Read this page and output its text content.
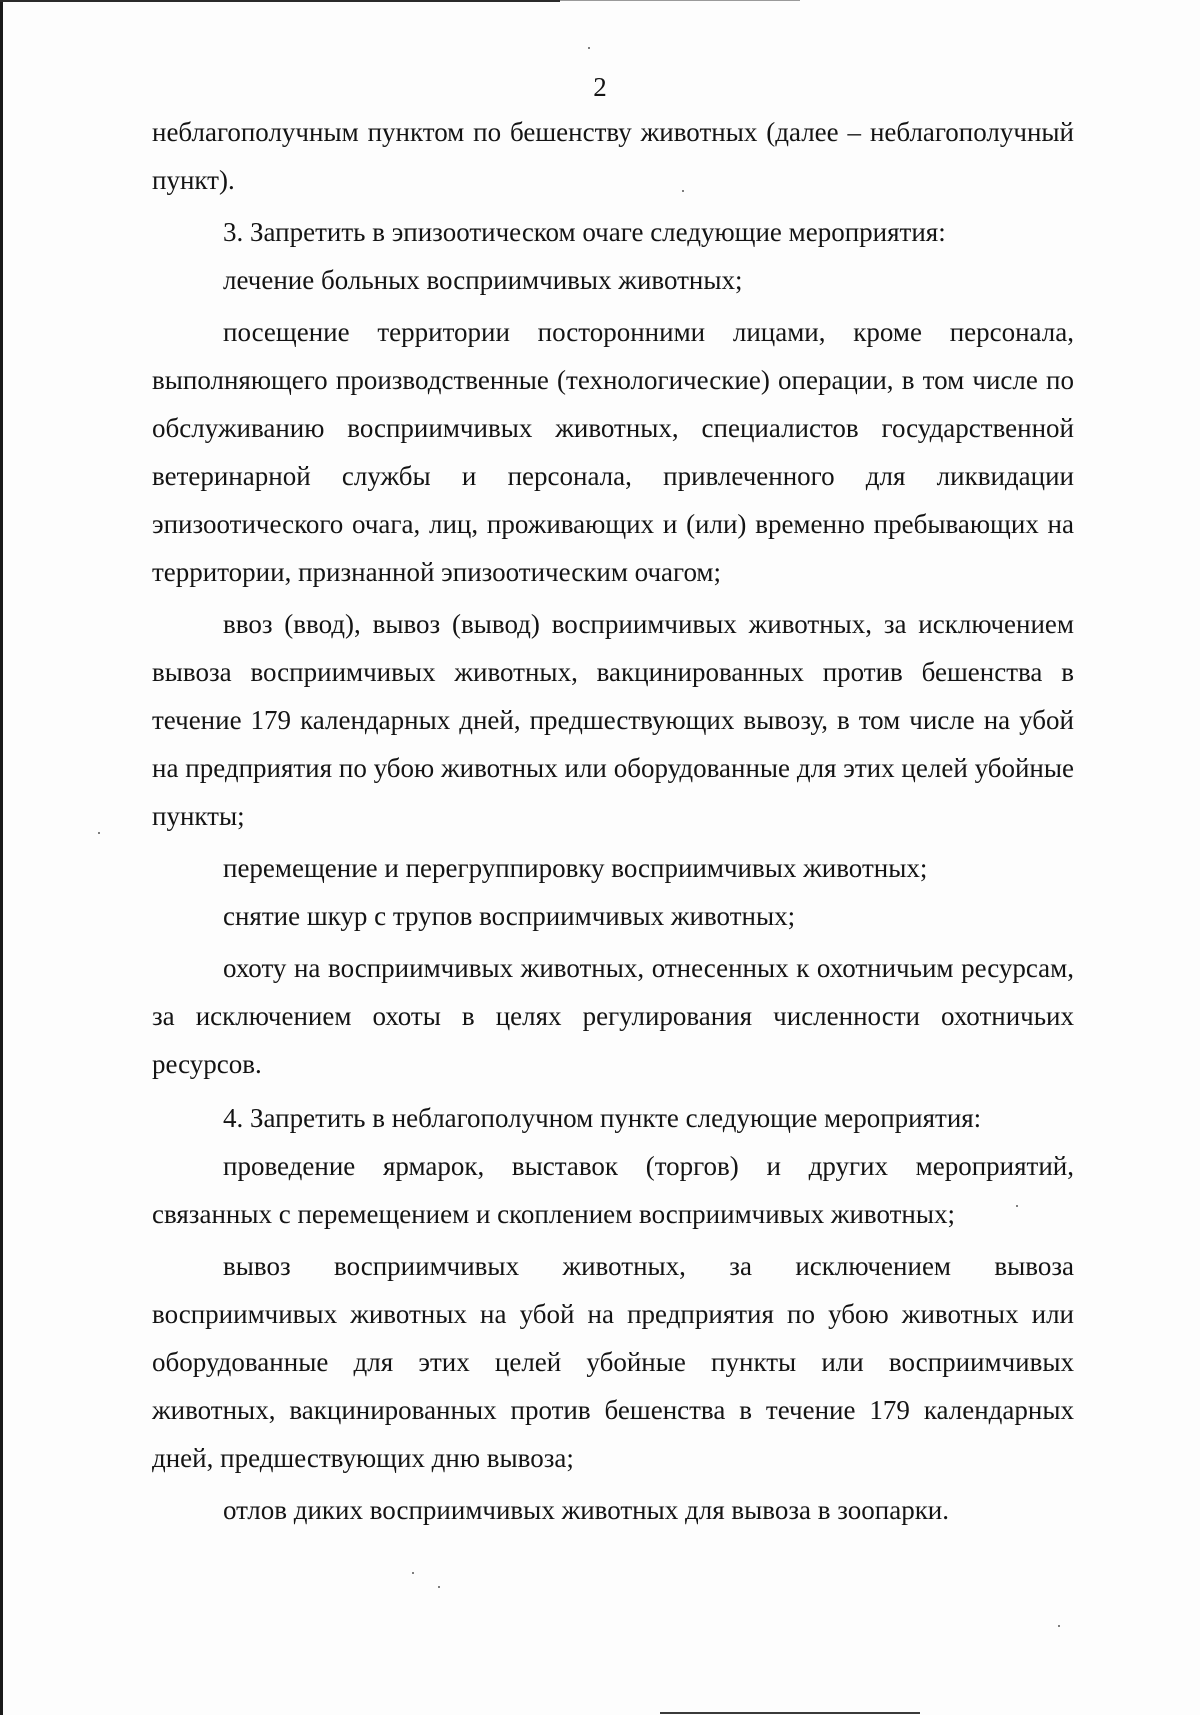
2

неблагополучным пунктом по бешенству животных (далее – неблагополучный пункт).

3. Запретить в эпизоотическом очаге следующие мероприятия:

лечение больных восприимчивых животных;

посещение территории посторонними лицами, кроме персонала, выполняющего производственные (технологические) операции, в том числе по обслуживанию восприимчивых животных, специалистов государственной ветеринарной службы и персонала, привлеченного для ликвидации эпизоотического очага, лиц, проживающих и (или) временно пребывающих на территории, признанной эпизоотическим очагом;

ввоз (ввод), вывоз (вывод) восприимчивых животных, за исключением вывоза восприимчивых животных, вакцинированных против бешенства в течение 179 календарных дней, предшествующих вывозу, в том числе на убой на предприятия по убою животных или оборудованные для этих целей убойные пункты;

перемещение и перегруппировку восприимчивых животных;

снятие шкур с трупов восприимчивых животных;

охоту на восприимчивых животных, отнесенных к охотничьим ресурсам, за исключением охоты в целях регулирования численности охотничьих ресурсов.

4. Запретить в неблагополучном пункте следующие мероприятия:

проведение ярмарок, выставок (торгов) и других мероприятий, связанных с перемещением и скоплением восприимчивых животных;

вывоз восприимчивых животных, за исключением вывоза восприимчивых животных на убой на предприятия по убою животных или оборудованные для этих целей убойные пункты или восприимчивых животных, вакцинированных против бешенства в течение 179 календарных дней, предшествующих дню вывоза;

отлов диких восприимчивых животных для вывоза в зоопарки.
